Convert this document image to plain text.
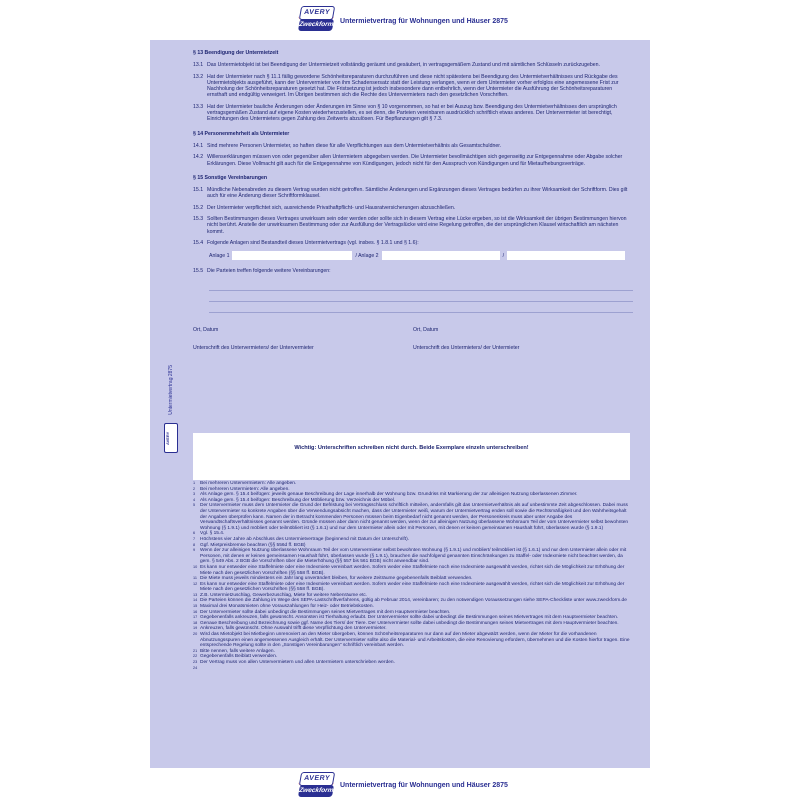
AVERY
Zweckform Untermietvertrag für Wohnungen und Häuser 2875
Untermietvertrag 2875
AVERY
§ 13 Beendigung der Untermietzeit
13.1 Das Untermietobjekt ist bei Beendigung der Untermietzeit vollständig geräumt und gesäubert, in vertragsgemäßem Zustand und mit sämtlichen Schlüsseln zurückzugeben.
13.2 Hat der Untermieter nach § 11.1 fällig gewordene Schönheitsreparaturen durchzuführen und diese nicht spätestens bei Beendigung des Untermietverhältnisses und Rückgabe des Untermietobjekts ausgeführt, kann der Untervermieter von ihm Schadensersatz statt der Leistung verlangen, wenn er dem Untermieter vorher erfolglos eine angemessene Frist zur Nachholung der Schönheitsreparaturen gesetzt hat. Die Fristsetzung ist jedoch insbesondere dann entbehrlich, wenn der Untermieter die Ausführung der Schönheitsreparaturen ernsthaft und endgültig verweigert. Im Übrigen bestimmen sich die Rechte des Untervermieters nach den gesetzlichen Vorschriften.
13.3 Hat der Untermieter bauliche Änderungen oder Änderungen im Sinne von § 10 vorgenommen, so hat er bei Auszug bzw. Beendigung des Untermietverhältnisses den ursprünglich vertragsgemäßen Zustand auf eigene Kosten wiederherzustellen, es sei denn, die Parteien vereinbaren ausdrücklich schriftlich etwas anderes. Der Untervermieter ist berechtigt, Einrichtungen des Untermieters gegen Zahlung des Zeitwerts abzulösen. Für Bepflanzungen gilt § 7.3.
§ 14 Personenmehrheit als Untermieter
14.1 Sind mehrere Personen Untermieter, so haften diese für alle Verpflichtungen aus dem Untermietverhältnis als Gesamtschuldner.
14.2 Willenserklärungen müssen von oder gegenüber allen Untermietern abgegeben werden. Die Untermieter bevollmächtigen sich gegenseitig zur Entgegennahme oder Abgabe solcher Erklärungen. Diese Vollmacht gilt auch für die Entgegennahme von Kündigungen, jedoch nicht für den Ausspruch von Kündigungen und für Mietaufhebungsverträge.
§ 15 Sonstige Vereinbarungen
15.1 Mündliche Nebenabreden zu diesem Vertrag wurden nicht getroffen. Sämtliche Änderungen und Ergänzungen dieses Vertrages bedürfen zu ihrer Wirksamkeit der Schriftform. Dies gilt auch für eine Änderung dieser Schriftformklausel.
15.2 Der Untermieter verpflichtet sich, ausreichende Privathaftpflicht- und Hausratversicherungen abzuschließen.
15.3 Sollten Bestimmungen dieses Vertrages unwirksam sein oder werden oder sollte sich in diesem Vertrag eine Lücke ergeben, so ist die Wirksamkeit der übrigen Bestimmungen hiervon nicht berührt. Anstelle der unwirksamen Bestimmung oder zur Ausfüllung der Vertragslücke wird eine Regelung getroffen, die der ursprünglichen Klausel wirtschaftlich am nächsten kommt.
15.4 Folgende Anlagen sind Bestandteil dieses Untermietvertrags (vgl. insbes. § 1.8.1 und § 1.6):
Anlage 1	/ Anlage 2	/
15.5 Die Parteien treffen folgende weitere Vereinbarungen:
Ort, Datum	Ort, Datum
Unterschrift des Untervermieters/ der Untervermieter	Unterschrift des Untermieters/ der Untermieter
Wichtig: Unterschriften schreiben nicht durch. Beide Exemplare einzeln unterschreiben!
1	Bei mehreren Untervermietern: Alle angeben.
2	Bei mehreren Untermietern: Alle angeben.
3	Als Anlage gem. § 15.4 beifügen: jeweils genaue Beschreibung der Lage innerhalb der Wohnung bzw. Grundriss mit Markierung der zur alleinigen Nutzung überlassenen Zimmer.
4	Als Anlage gem. § 15.4 beifügen: Beschreibung der Möblierung bzw. Verzeichnis der Möbel.
5	Der Untervermieter muss dem Untermieter die Grund der Befristung bei Vertragsschluss schriftlich mitteilen, andernfalls gilt das Untermietverhältnis als auf unbestimmte Zeit abgeschlossen. Dabei muss der Untervermieter so konkrete Angaben über die Verwendungsabsicht machen, dass der Untermieter weiß, warum der Untermietvertrag enden soll sowie die Rechtsmäßigkeit und den Wahrheitsgehalt der Angaben überprüfen kann. Namen der in Betracht kommenden Personen müssen beim Eigenbedarf nicht genannt werden, der Personenkreis muss aber unter Angabe des Verwandtschaftsverhältnisses genannt werden. Gründe müssen aber dann nicht genannt werden, wenn der zur alleinigen Nutzung überlassene Wohnraum Teil der vom Untervermieter selbst bewohnten Wohnung (§ 1.9.1) und möbliert oder teilmöbliert ist (§ 1.6.1) und nur dem Untermieter allein oder mit Personen, mit denen er keinen gemeinsamen Haushalt führt, überlassen wurde (§ 1.9.1)
6	Vgl. § 15.4.
7	Höchstens vier Jahre ab Abschluss des Untermietvertrage (beginnend mit Datum der Unterschrift).
8	Ggf. Mietpreisbremse beachten (§§ 556d ff. BGB)
9	Wenn der zur alleinigen Nutzung überlassene Wohnraum Teil der vom Untervermieter selbst bewohnten Wohnung (§ 1.9.1) und möbliert/ teilmöbliert ist (§ 1.6.1) und nur dem Untermieter allein oder mit Personen, mit denen er keinen gemeinsamen Haushalt führt, überlassen wurde (§ 1.9.1), brauchen die nachfolgend genannten Einschränkungen zu Staffel- oder Indexmiete nicht beachtet werden, da gem. § 549 Abs. 2 BGB die Vorschriften über die Mieterhöhung (§§ 557 bis 561 BGB) nicht anwendbar sind.
10 Es kann nur entweder eine Staffelmiete oder eine Indexmiete vereinbart werden. Sofern weder eine Staffelmiete noch eine Indexmiete ausgewählt werden, richtet sich die Möglichkeit zur Erhöhung der Miete nach den gesetzlichen Vorschriften (§§ 558 ff. BGB).
11 Die Miete muss jeweils mindestens ein Jahr lang unverändert bleiben, für weitere Zeiträume gegebenenfalls Beiblatt verwenden.
12 Es kann nur entweder eine Staffelmiete oder eine Indexmiete vereinbart werden. Sofern weder eine Staffelmiete noch eine Indexmiete ausgewählt werden, richtet sich die Möglichkeit zur Erhöhung der Miete nach den gesetzlichen Vorschriften (§§ 558 ff. BGB).
13 Z.B. Untermietzuschlag, Gewerbezuschlag, Miete für weitere Nebenräume etc.
14 Die Parteien können die Zahlung im Wege des SEPA-Lastschriftverfahrens, gültig ab Februar 2014, vereinbaren; zu den notwendigen Voraussetzungen siehe SEPA-Checkliste unter www.zweckform.de
15 Maximal drei Monatsmieten ohne Vorauszahlungen für Heiz- oder Betriebskosten.
16 Der Untervermieter sollte dabei unbedingt die Bestimmungen seines Mietvertrages mit dem Hauptvermieter beachten.
17 Gegebenenfalls ankreuzen, falls gewünscht. Ansonsten ist Tierhaltung erlaubt. Der Untervermieter sollte dabei unbedingt die Bestimmungen seines Mietvertrages mit dem Hauptvermieter beachten.
18 Genaue Beschreibung und Bezeichnung sowie ggf. Name des Tiers/ der Tiere. Der Untervermieter sollte dabei unbedingt die Bestimmungen seines Mietvertrages mit dem Hauptvermieter beachten.
19 Ankreuzen, falls gewünscht. Ohne Auswahl trifft diese Verpflichtung den Untervermieter.
20 Wird das Mietobjekt bei Mietbeginn unrenoviert an den Mieter übergeben, können Schönheitsreparaturen nur dann auf den Mieter abgewälzt werden, wenn der Mieter für die vorhandenen Abnutzungsspuren einen angemessenen Ausgleich erhält. Der Untervermieter sollte also die Material- und Arbeitskosten, die eine Renovierung erfordern, übernehmen und die Kosten hierfür tragen. Eine entsprechende Regelung sollte in den „Sonstigen Vereinbarungen“ schriftlich vereinbart werden.
21 Bitte nennen, falls weitere Anlagen.
22 Gegebenenfalls Beiblatt verwenden.
23 Der Vertrag muss von allen Untervermietern und allen Untermietern unterschrieben werden.
24
AVERY
Zweckform
Untermietvertrag für Wohnungen und Häuser 2875
